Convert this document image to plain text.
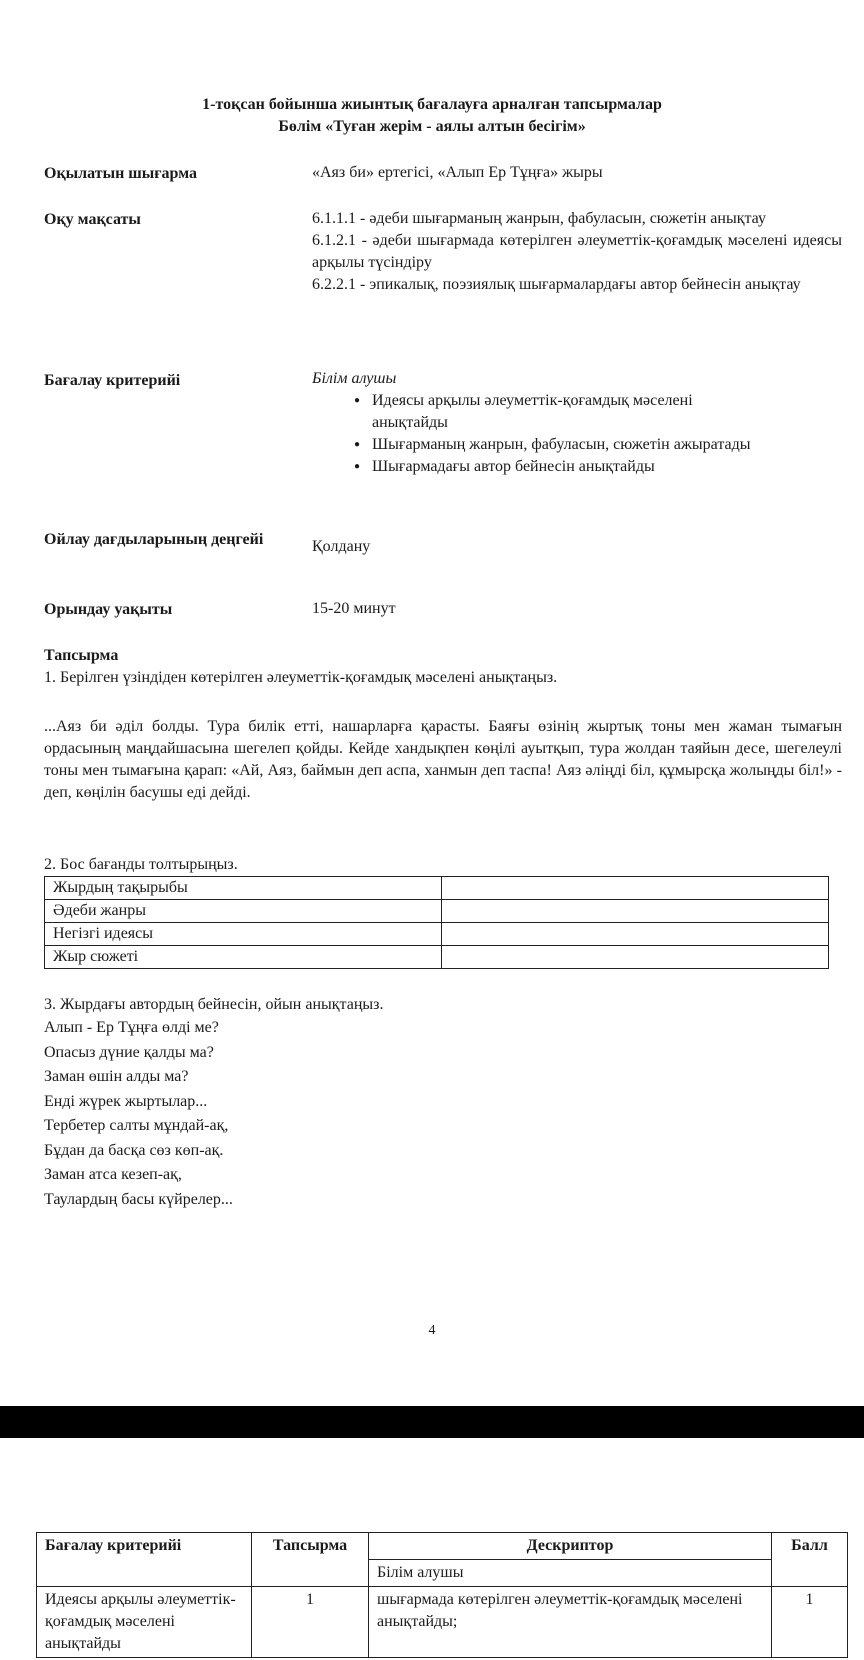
1-тоқсан бойынша жиынтық бағалауға арналған тапсырмалар
Бөлім «Туған жерім - аялы алтын бесігім»
Оқылатын шығарма	«Аяз би» ертегісі, «Алып Ер Тұңға» жыры
Оқу мақсаты	6.1.1.1 - әдеби шығарманың жанрын, фабуласын, сюжетін анықтау
6.1.2.1 - әдеби шығармада көтерілген әлеуметтік-қоғамдық мәселені идеясы арқылы түсіндіру
6.2.2.1 - эпикалық, поэзиялық шығармалардағы автор бейнесін анықтау
Бағалау критерийі	Білім алушы
● Идеясы арқылы әлеуметтік-қоғамдық мәселені анықтайды
● Шығарманың жанрын, фабуласын, сюжетін ажыратады
● Шығармадағы автор бейнесін анықтайды
Ойлау дағдыларының деңгейі	Қолдану
Орындау уақыты	15-20 минут
Тапсырма
1. Берілген үзіндіден көтерілген әлеуметтік-қоғамдық мәселені анықтаңыз.
...Аяз би әділ болды. Тура билік етті, нашарларға қарасты. Баяғы өзінің жыртық тоны мен жаман тымағын ордасының маңдайшасына шегелеп қойды. Кейде хандықпен көңілі ауытқып, тура жолдан таяйын десе, шегелеулі тоны мен тымағына қарап: «Ай, Аяз, баймын деп аспа, ханмын деп таспа! Аяз әліңді біл, құмырсқа жолыңды біл!» - деп, көңілін басушы еді дейді.
2. Бос бағанды толтырыңыз.
Жырдың тақырыбы	
Әдеби жанры	
Негізгі идеясы	
Жыр сюжеті	
3. Жырдағы автордың бейнесін, ойын анықтаңыз.
Алып - Ер Тұңға өлді ме?
Опасыз дүние қалды ма?
Заман өшін алды ма?
Енді жүрек жыртылар...
Тербетер салты мұндай-ақ,
Бұдан да басқа сөз көп-ақ.
Заман атса кезеп-ақ,
Таулардың басы күйрелер...
4
Бағалау критерийі	Тапсырма	Дескриптор	Балл
		Білім алушы	
Идеясы арқылы әлеуметтік-қоғамдық мәселені анықтайды	1	шығармада көтерілген әлеуметтік-қоғамдық мәселені анықтайды;	1
